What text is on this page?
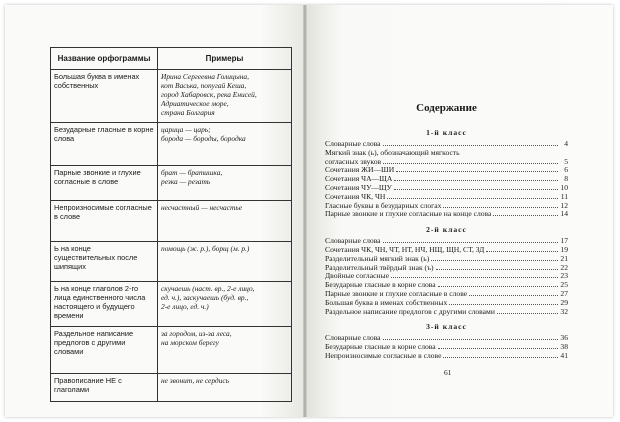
Название орфограммы	Примеры
Большая буква в именах собственных	Ирина Сергеевна Голицына,
кот Васька, попугай Кеша,
город Хабаровск, река Енисей,
Адриатическое море,
страна Болгария

Безударные гласные в корне слова	царица — царь;
борода — бороды, бородка

Парные звонкие и глухие согласные в слове	брат — братишка,
резка — резать

Непроизносимые согласные в слове	несчастный — несчастье

Ь на конце существительных после шипящих	помощь (ж. р.), борщ (м. р.)

Ь на конце глаголов 2-го лица единственного числа настоящего и будущего времени	скучаешь (наст. вр., 2-е лицо,
ед. ч.), заскучаешь (буд. вр.,
2-е лицо, ед. ч.)

Раздельное написание предлогов с другими словами	за городом, из-за леса,
на морском берегу

Правописание НЕ с глаголами	не звонит, не сердись
Содержание
1-й класс
Словарные слова	4
Мягкий знак (ь), обозначающий мягкость
согласных звуков	5
Сочетания ЖИ—ШИ	6
Сочетания ЧА—ЩА	8
Сочетания ЧУ—ЩУ	10
Сочетания ЧК, ЧН	11
Гласные буквы в безударных слогах	12
Парные звонкие и глухие согласные на конце слова	14
2-й класс
Словарные слова	17
Сочетания ЧК, ЧН, ЧТ, НТ, НЧ, НЩ, ЩН, СТ, ЗД	19
Разделительный мягкий знак (ь)	21
Разделительный твёрдый знак (ъ)	22
Двойные согласные	23
Безударные гласные в корне слова	25
Парные звонкие и глухие согласные в слове	27
Большая буква в именах собственных	29
Раздельное написание предлогов с другими словами	32
3-й класс
Словарные слова	36
Безударные гласные в корне слова	38
Непроизносимые согласные в слове	41
61
